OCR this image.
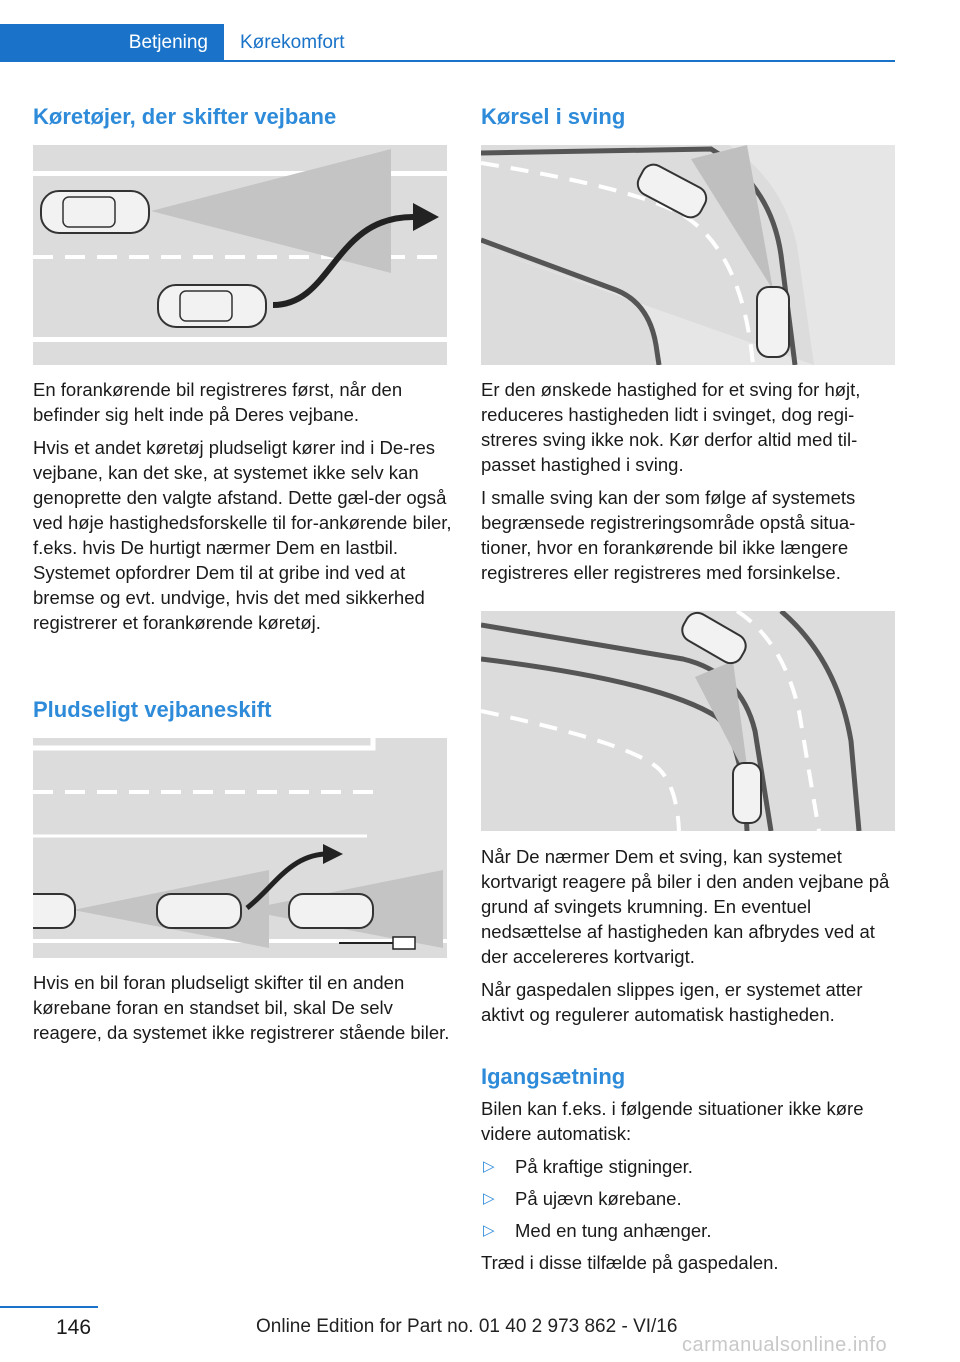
Betjening	Kørekomfort
Køretøjer, der skifter vejbane

En forankørende bil registreres først, når den befinder sig helt inde på Deres vejbane.

Hvis et andet køretøj pludseligt kører ind i De-res vejbane, kan det ske, at systemet ikke selv kan genoprette den valgte afstand. Dette gæl-der også ved høje hastighedsforskelle til for-ankørende biler, f.eks. hvis De hurtigt nærmer Dem en lastbil. Systemet opfordrer Dem til at gribe ind ved at bremse og evt. undvige, hvis det med sikkerhed registrerer et forankørende køretøj.

Pludseligt vejbaneskift

Hvis en bil foran pludseligt skifter til en anden kørebane foran en standset bil, skal De selv reagere, da systemet ikke registrerer stående biler.

Kørsel i sving

Er den ønskede hastighed for et sving for højt, reduceres hastigheden lidt i svinget, dog regi-streres sving ikke nok. Kør derfor altid med til-passet hastighed i sving.

I smalle sving kan der som følge af systemets begrænsede registreringsområde opstå situa-tioner, hvor en forankørende bil ikke længere registreres eller registreres med forsinkelse.

Når De nærmer Dem et sving, kan systemet kortvarigt reagere på biler i den anden vejbane på grund af svingets krumning. En eventuel nedsættelse af hastigheden kan afbrydes ved at der accelereres kortvarigt.

Når gaspedalen slippes igen, er systemet atter aktivt og regulerer automatisk hastigheden.

Igangsætning

Bilen kan f.eks. i følgende situationer ikke køre videre automatisk:

▷ På kraftige stigninger.
▷ På ujævn kørebane.
▷ Med en tung anhænger.

Træd i disse tilfælde på gaspedalen.

146	Online Edition for Part no. 01 40 2 973 862 - VI/16
carmanualsonline.info
